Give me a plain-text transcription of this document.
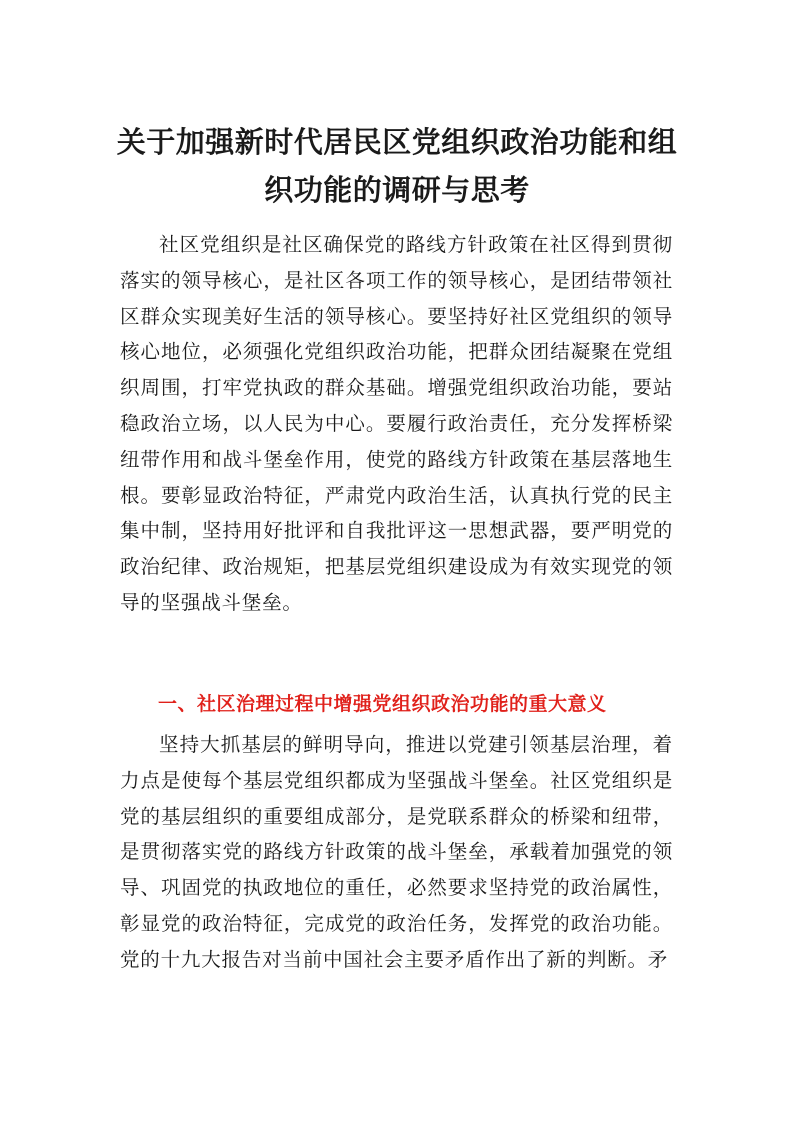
关于加强新时代居民区党组织政治功能和组织功能的调研与思考

社区党组织是社区确保党的路线方针政策在社区得到贯彻落实的领导核心，是社区各项工作的领导核心，是团结带领社区群众实现美好生活的领导核心。要坚持好社区党组织的领导核心地位，必须强化党组织政治功能，把群众团结凝聚在党组织周围，打牢党执政的群众基础。增强党组织政治功能，要站稳政治立场，以人民为中心。要履行政治责任，充分发挥桥梁纽带作用和战斗堡垒作用，使党的路线方针政策在基层落地生根。要彰显政治特征，严肃党内政治生活，认真执行党的民主集中制，坚持用好批评和自我批评这一思想武器，要严明党的政治纪律、政治规矩，把基层党组织建设成为有效实现党的领导的坚强战斗堡垒。

一、社区治理过程中增强党组织政治功能的重大意义

坚持大抓基层的鲜明导向，推进以党建引领基层治理，着力点是使每个基层党组织都成为坚强战斗堡垒。社区党组织是党的基层组织的重要组成部分，是党联系群众的桥梁和纽带，是贯彻落实党的路线方针政策的战斗堡垒，承载着加强党的领导、巩固党的执政地位的重任，必然要求坚持党的政治属性，彰显党的政治特征，完成党的政治任务，发挥党的政治功能。党的十九大报告对当前中国社会主要矛盾作出了新的判断。矛
